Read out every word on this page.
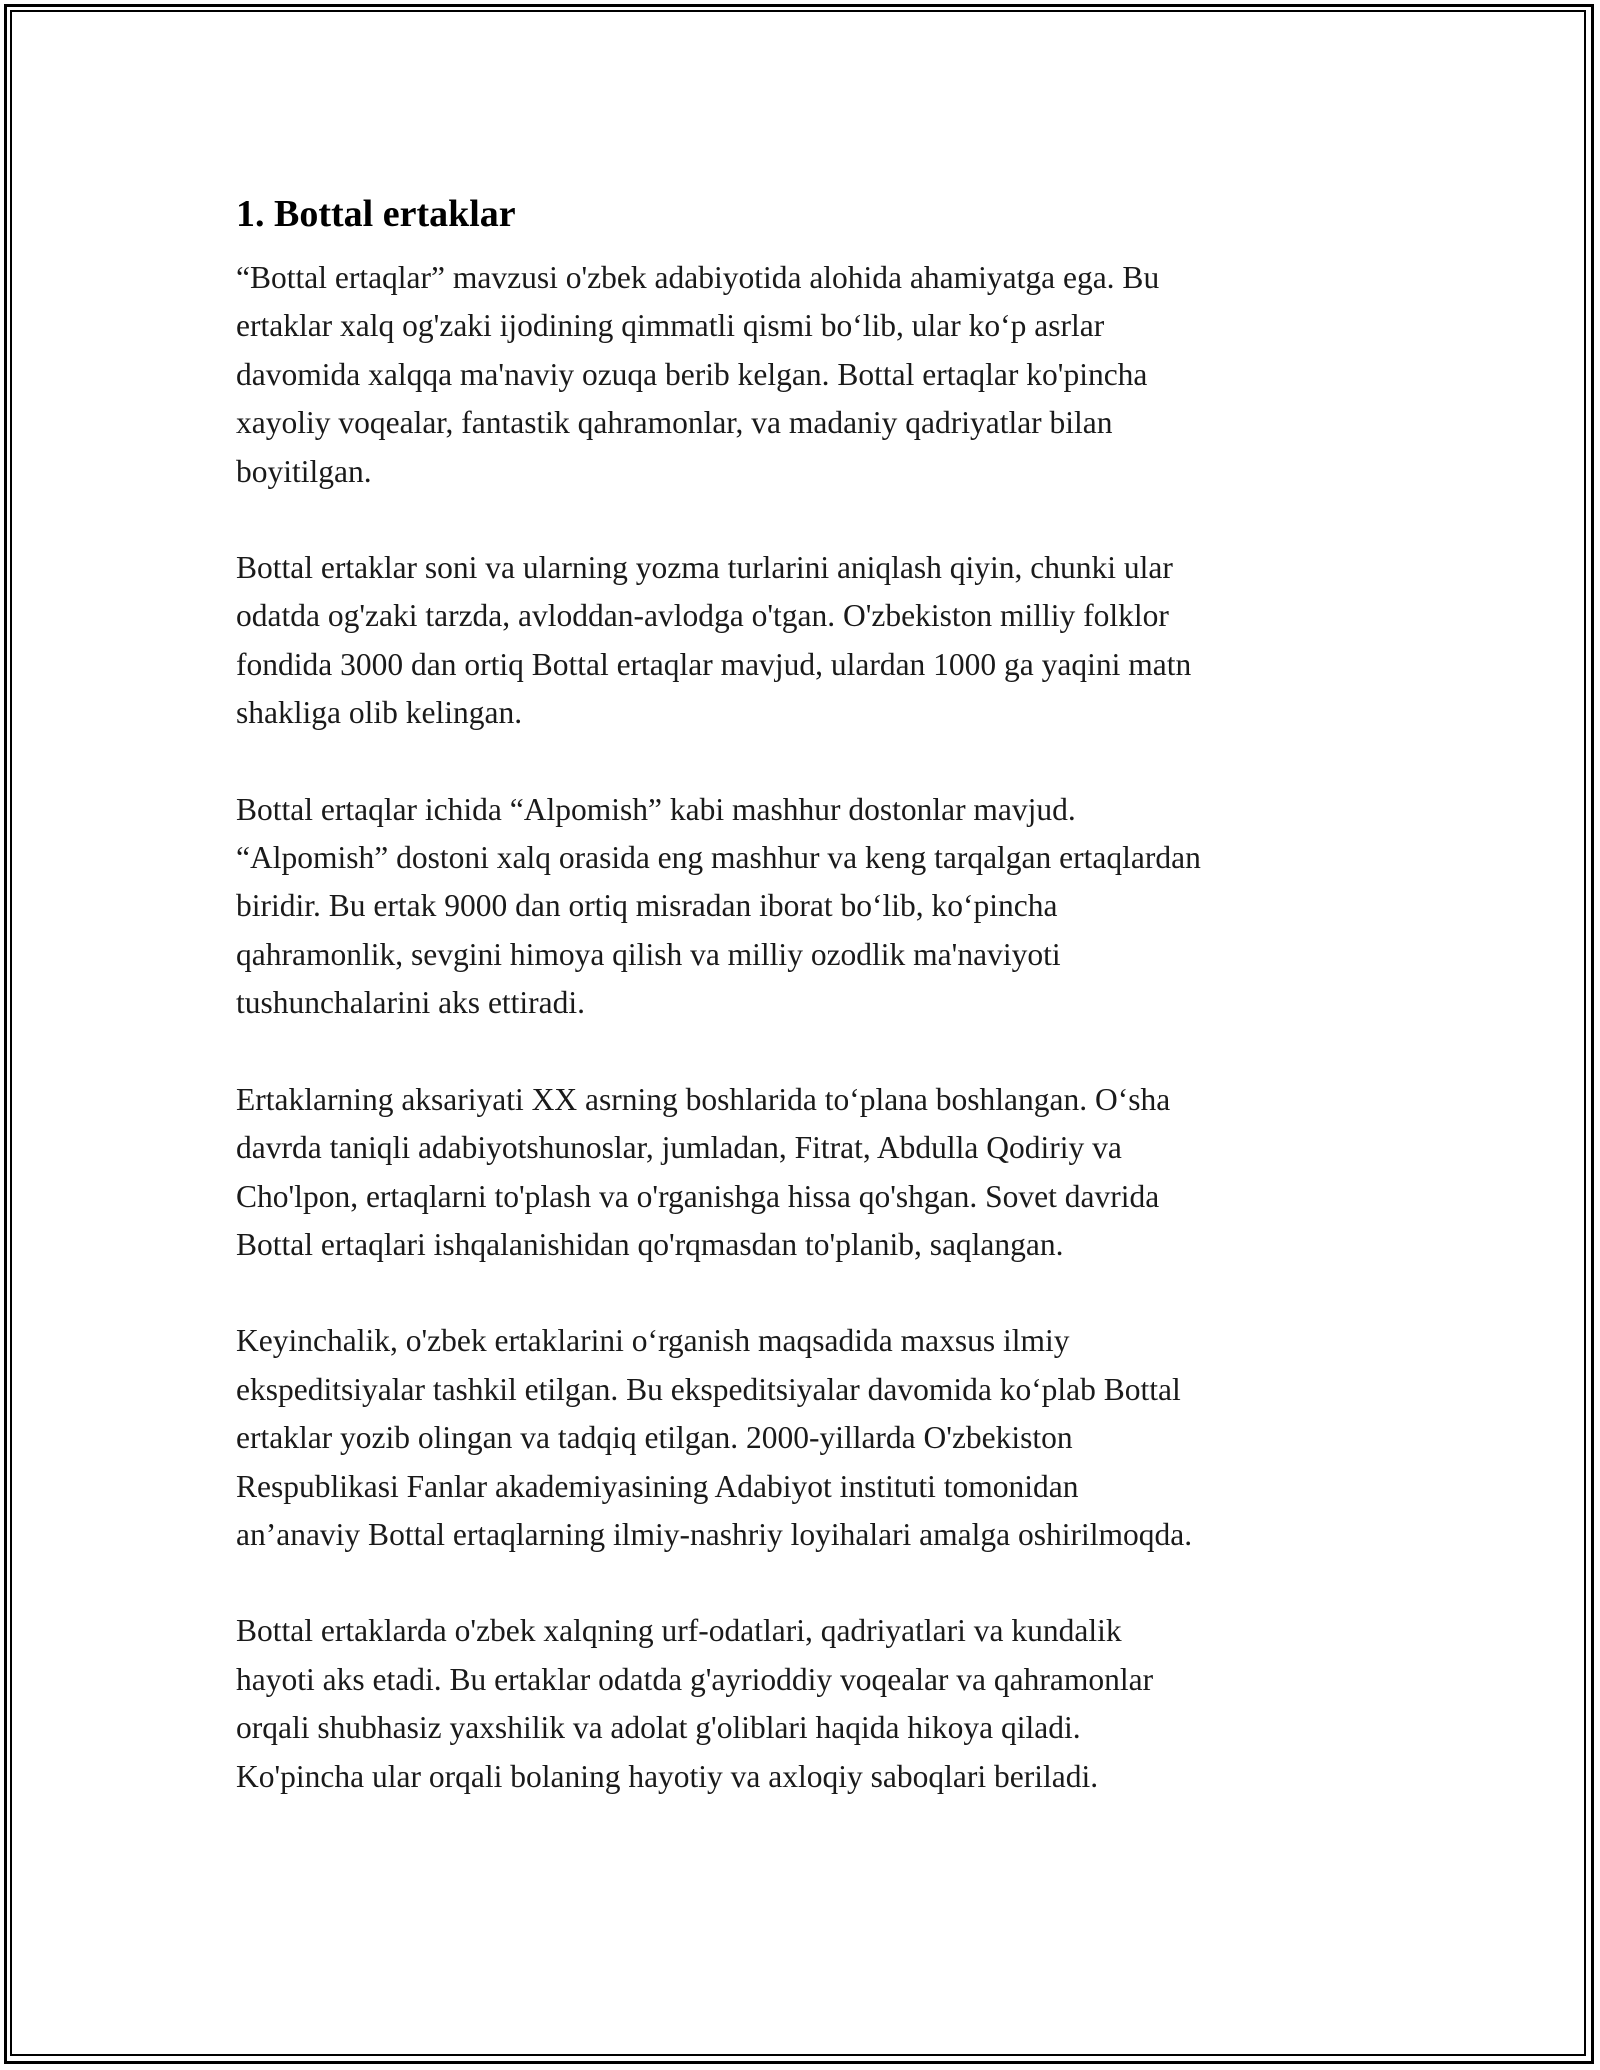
1. Bottal ertaklar

“Bottal ertaqlar” mavzusi o'zbek adabiyotida alohida ahamiyatga ega. Bu
ertaklar xalq og'zaki ijodining qimmatli qismi bo‘lib, ular ko‘p asrlar
davomida xalqqa ma'naviy ozuqa berib kelgan. Bottal ertaqlar ko'pincha
xayoliy voqealar, fantastik qahramonlar, va madaniy qadriyatlar bilan
boyitilgan.

Bottal ertaklar soni va ularning yozma turlarini aniqlash qiyin, chunki ular
odatda og'zaki tarzda, avloddan-avlodga o'tgan. O'zbekiston milliy folklor
fondida 3000 dan ortiq Bottal ertaqlar mavjud, ulardan 1000 ga yaqini matn
shakliga olib kelingan.

Bottal ertaqlar ichida “Alpomish” kabi mashhur dostonlar mavjud.
“Alpomish” dostoni xalq orasida eng mashhur va keng tarqalgan ertaqlardan
biridir. Bu ertak 9000 dan ortiq misradan iborat bo‘lib, ko‘pincha
qahramonlik, sevgini himoya qilish va milliy ozodlik ma'naviyoti
tushunchalarini aks ettiradi.

Ertaklarning aksariyati XX asrning boshlarida to‘plana boshlangan. O‘sha
davrda taniqli adabiyotshunoslar, jumladan, Fitrat, Abdulla Qodiriy va
Cho'lpon, ertaqlarni to'plash va o'rganishga hissa qo'shgan. Sovet davrida
Bottal ertaqlari ishqalanishidan qo'rqmasdan to'planib, saqlangan.

Keyinchalik, o'zbek ertaklarini o‘rganish maqsadida maxsus ilmiy
ekspeditsiyalar tashkil etilgan. Bu ekspeditsiyalar davomida ko‘plab Bottal
ertaklar yozib olingan va tadqiq etilgan. 2000-yillarda O'zbekiston
Respublikasi Fanlar akademiyasining Adabiyot instituti tomonidan
an’anaviy Bottal ertaqlarning ilmiy-nashriy loyihalari amalga oshirilmoqda.

Bottal ertaklarda o'zbek xalqning urf-odatlari, qadriyatlari va kundalik
hayoti aks etadi. Bu ertaklar odatda g'ayrioddiy voqealar va qahramonlar
orqali shubhasiz yaxshilik va adolat g'oliblari haqida hikoya qiladi.
Ko'pincha ular orqali bolaning hayotiy va axloqiy saboqlari beriladi.
